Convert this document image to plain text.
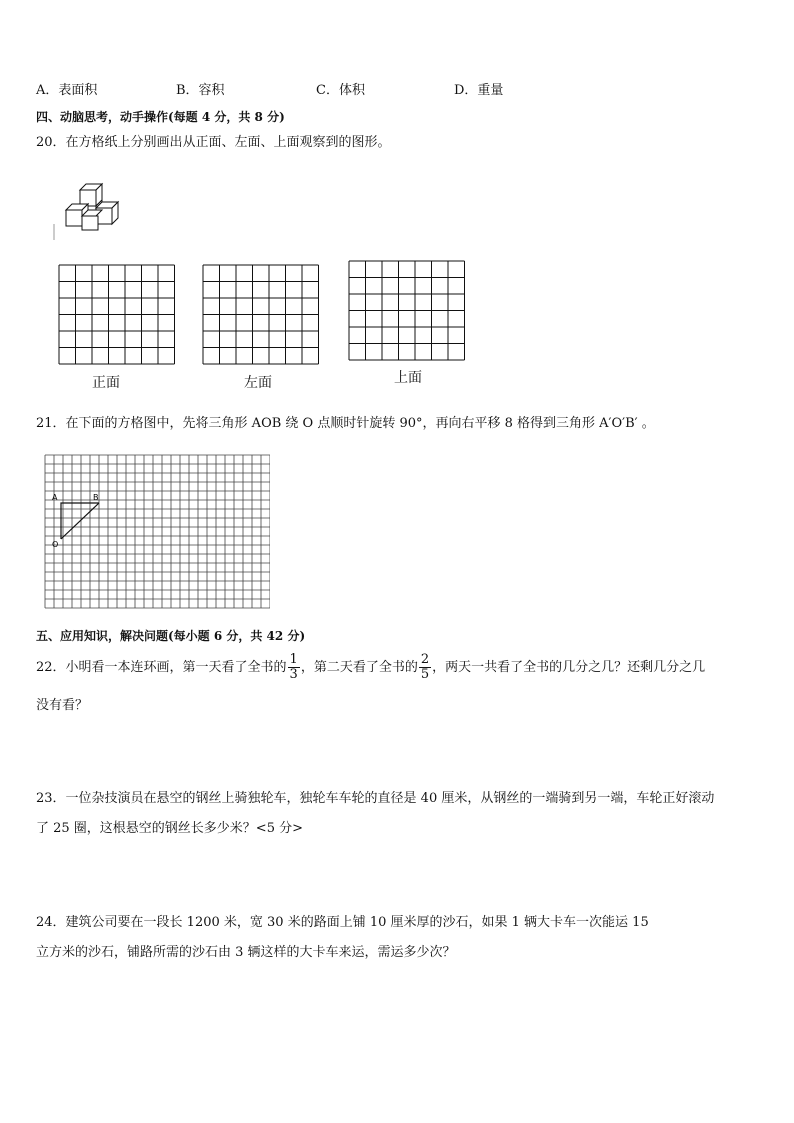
A．表面积	B．容积	C．体积	D．重量
四、动脑思考，动手操作(每题 4 分，共 8 分)
20．在方格纸上分别画出从正面、左面、上面观察到的图形。
正面	左面	上面
21．在下面的方格图中，先将三角形 AOB 绕 O 点顺时针旋转 90°，再向右平移 8 格得到三角形 A′O′B′ 。
A	B
O
五、应用知识，解决问题(每小题 6 分，共 42 分)
22．小明看一本连环画，第一天看了全书的 $\frac{1}{3}$ ，第二天看了全书的 $\frac{2}{5}$ ，两天一共看了全书的几分之几？还剩几分之几
没有看？
23．一位杂技演员在悬空的钢丝上骑独轮车，独轮车车轮的直径是 40 厘米，从钢丝的一端骑到另一端，车轮正好滚动
了 25 圈，这根悬空的钢丝长多少米？<5 分>
24．建筑公司要在一段长 1200 米，宽 30 米的路面上铺 10 厘米厚的沙石，如果 1 辆大卡车一次能运 15
立方米的沙石，铺路所需的沙石由 3 辆这样的大卡车来运，需运多少次？
